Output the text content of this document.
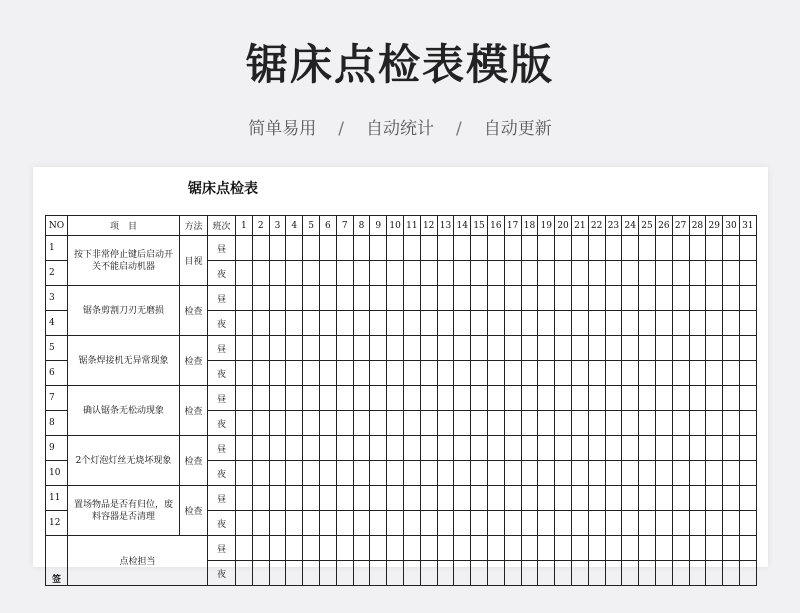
锯床点检表模版
简单易用 / 自动统计 / 自动更新
锯床点检表
NO	项　目	方法	班次	1	2	3	4	5	6	7	8	9	10	11	12	13	14	15	16	17	18	19	20	21	22	23	24	25	26	27	28	29	30	31
1	按下非常停止键后启动开关不能启动机器	目视	昼																															
2			夜																															
3	锯条剪割刀刃无磨损	检查	昼																															
4			夜																															
5	锯条焊接机无异常现象	检查	昼																															
6			夜																															
7	确认锯条无松动现象	检查	昼																															
8			夜																															
9	2个灯泡灯丝无烧坏现象	检查	昼																															
10			夜																															
11	置场物品是否有归位，废料容器是否清理	检查	昼																															
12			夜																															
签	点检担当		昼																															
			夜																															
